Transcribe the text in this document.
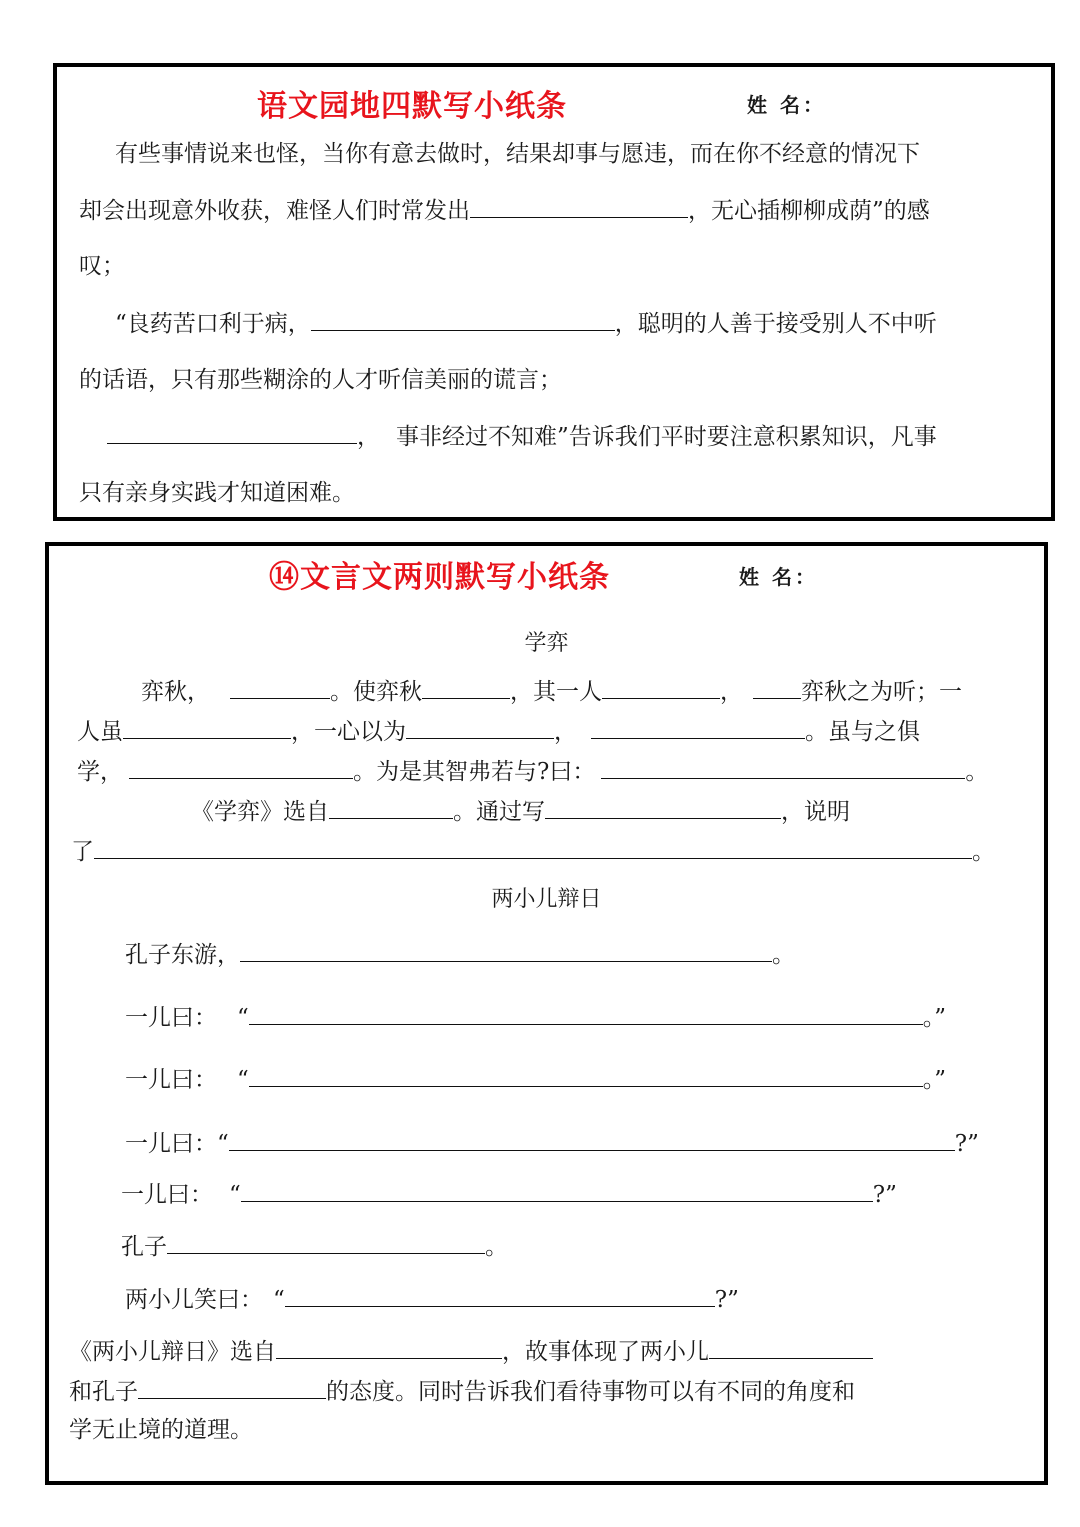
语文园地四默写小纸条	姓 名：
有些事情说来也怪，当你有意去做时，结果却事与愿违，而在你不经意的情况下
却会出现意外收获，难怪人们时常发出	，无心插柳柳成荫”的感
叹；
“良药苦口利于病，	，聪明的人善于接受别人不中听
的话语，只有那些糊涂的人才听信美丽的谎言；
， 事非经过不知难”告诉我们平时要注意积累知识，凡事
只有亲身实践才知道困难。
⑭文言文两则默写小纸条	姓 名：
学弈
弈秋，	。使弈秋	，其一人	，	弈秋之为听；一
人虽	，一心以为	，	。虽与之俱
学，	。为是其智弗若与?曰：	。
《学弈》选自	。通过写	，说明
了	。
两小儿辩日
孔子东游，	。
一儿曰： “	。”
一儿曰： “	。”
一儿曰：“	?”
一儿曰： “	?”
孔子	。
两小儿笑曰： “	?”
《两小儿辩日》选自	，故事体现了两小儿
和孔子	的态度。同时告诉我们看待事物可以有不同的角度和
学无止境的道理。
